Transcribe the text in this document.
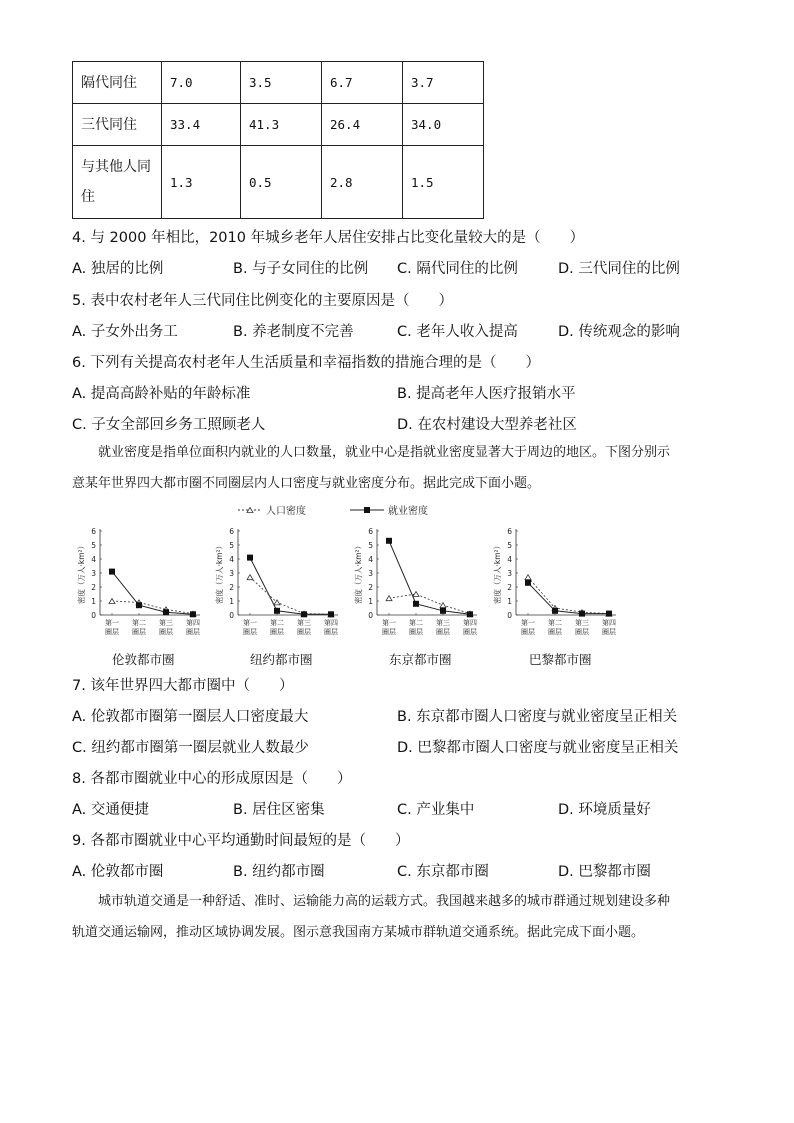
隔代同住	7.0	3.5	6.7	3.7
三代同住	33.4	41.3	26.4	34.0
与其他人同住	1.3	0.5	2.8	1.5
4. 与 2000 年相比，2010 年城乡老年人居住安排占比变化量较大的是（　　）
A. 独居的比例	B. 与子女同住的比例 C. 隔代同住的比例	D. 三代同住的比例
5. 表中农村老年人三代同住比例变化的主要原因是（　　）
A. 子女外出务工	B. 养老制度不完善	C. 老年人收入提高	D. 传统观念的影响
6. 下列有关提高农村老年人生活质量和幸福指数的措施合理的是（　　）
A. 提高高龄补贴的年龄标准	B. 提高老年人医疗报销水平
C. 子女全部回乡务工照顾老人	D. 在农村建设大型养老社区
就业密度是指单位面积内就业的人口数量，就业中心是指就业密度显著大于周边的地区。下图分别示
意某年世界四大都市圈不同圈层内人口密度与就业密度分布。据此完成下面小题。
人口密度	就业密度
0
1
2
3
4
5
6
密度（万人·km²）
第一
圈层
第二
圈层
第三
圈层
第四
圈层
0
1
2
3
4
5
6
密度（万人·km²）
第一
圈层
第二
圈层
第三
圈层
第四
圈层
0
1
2
3
4
5
6
密度（万人·km²）
第一
圈层
第二
圈层
第三
圈层
第四
圈层
0
1
2
3
4
5
6
密度（万人·km²）
第一
圈层
第二
圈层
第三
圈层
第四
圈层
伦敦都市圈	纽约都市圈	东京都市圈	巴黎都市圈
7. 该年世界四大都市圈中（　　）
A. 伦敦都市圈第一圈层人口密度最大	B. 东京都市圈人口密度与就业密度呈正相关
C. 纽约都市圈第一圈层就业人数最少	D. 巴黎都市圈人口密度与就业密度呈正相关
8. 各都市圈就业中心的形成原因是（　　）
A. 交通便捷	B. 居住区密集	C. 产业集中	D. 环境质量好
9. 各都市圈就业中心平均通勤时间最短的是（　　）
A. 伦敦都市圈	B. 纽约都市圈	C. 东京都市圈	D. 巴黎都市圈
城市轨道交通是一种舒适、准时、运输能力高的运载方式。我国越来越多的城市群通过规划建设多种
轨道交通运输网，推动区域协调发展。图示意我国南方某城市群轨道交通系统。据此完成下面小题。
